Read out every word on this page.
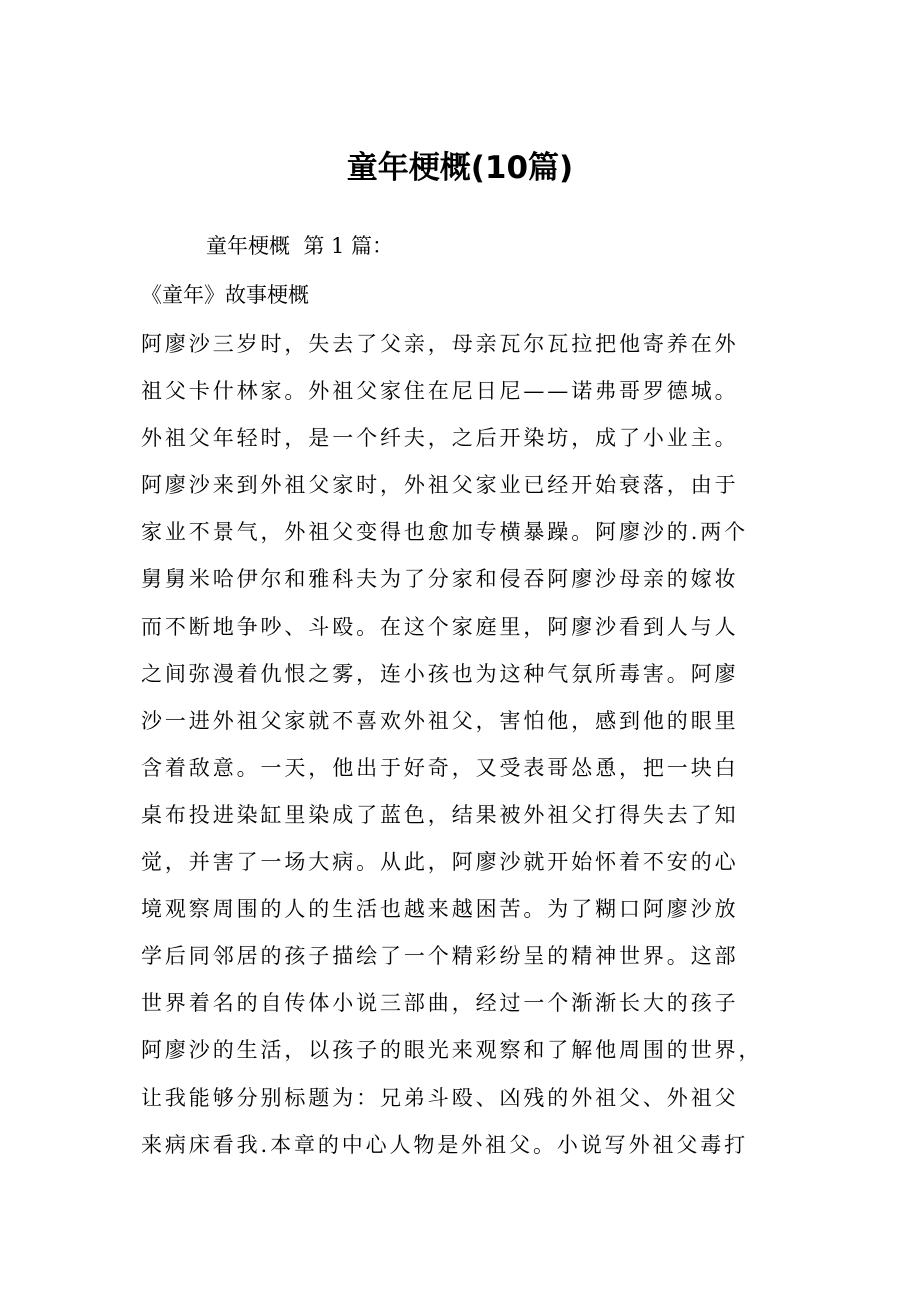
童年梗概(10篇)
童年梗概  第 1 篇：
《童年》故事梗概
阿廖沙三岁时，失去了父亲，母亲瓦尔瓦拉把他寄养在外
祖父卡什林家。外祖父家住在尼日尼——诺弗哥罗德城。
外祖父年轻时，是一个纤夫，之后开染坊，成了小业主。
阿廖沙来到外祖父家时，外祖父家业已经开始衰落，由于
家业不景气，外祖父变得也愈加专横暴躁。阿廖沙的.两个
舅舅米哈伊尔和雅科夫为了分家和侵吞阿廖沙母亲的嫁妆
而不断地争吵、斗殴。在这个家庭里，阿廖沙看到人与人
之间弥漫着仇恨之雾，连小孩也为这种气氛所毒害。阿廖
沙一进外祖父家就不喜欢外祖父，害怕他，感到他的眼里
含着敌意。一天，他出于好奇，又受表哥怂恿，把一块白
桌布投进染缸里染成了蓝色，结果被外祖父打得失去了知
觉，并害了一场大病。从此，阿廖沙就开始怀着不安的心
境观察周围的人的生活也越来越困苦。为了糊口阿廖沙放
学后同邻居的孩子描绘了一个精彩纷呈的精神世界。这部
世界着名的自传体小说三部曲，经过一个渐渐长大的孩子
阿廖沙的生活，以孩子的眼光来观察和了解他周围的世界，
让我能够分别标题为：兄弟斗殴、凶残的外祖父、外祖父
来病床看我.本章的中心人物是外祖父。小说写外祖父毒打
